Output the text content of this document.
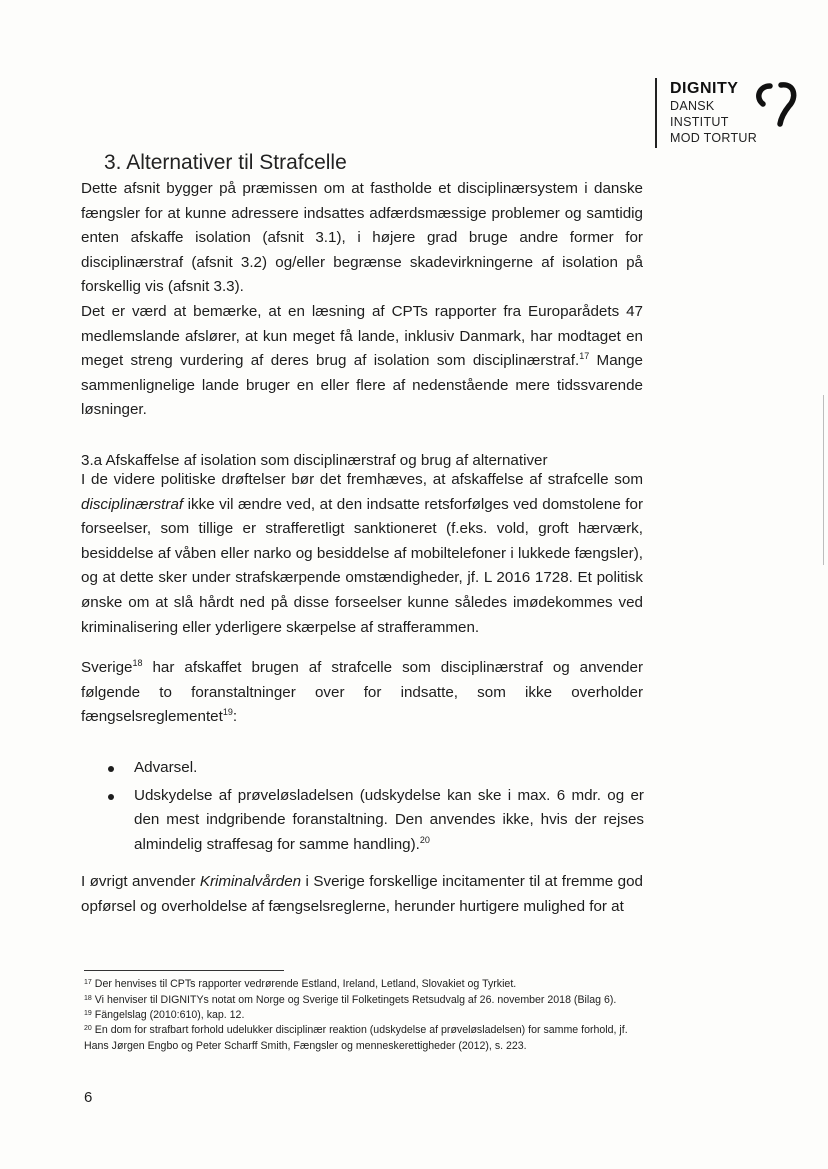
DIGNITY
DANSK
INSTITUT
MOD TORTUR
3. Alternativer til Strafcelle
Dette afsnit bygger på præmissen om at fastholde et disciplinærsystem i danske fængsler for at kunne adressere indsattes adfærdsmæssige problemer og samtidig enten afskaffe isolation (afsnit 3.1), i højere grad bruge andre former for disciplinærstraf (afsnit 3.2) og/eller begrænse skadevirkningerne af isolation på forskellig vis (afsnit 3.3).
Det er værd at bemærke, at en læsning af CPTs rapporter fra Europarådets 47 medlemslande afslører, at kun meget få lande, inklusiv Danmark, har modtaget en meget streng vurdering af deres brug af isolation som disciplinærstraf.$^{17}$ Mange sammenlignelige lande bruger en eller flere af nedenstående mere tidssvarende løsninger.
3.a Afskaffelse af isolation som disciplinærstraf og brug af alternativer
I de videre politiske drøftelser bør det fremhæves, at afskaffelse af strafcelle som disciplinærstraf ikke vil ændre ved, at den indsatte retsforfølges ved domstolene for forseelser, som tillige er strafferetligt sanktioneret (f.eks. vold, groft hærværk, besiddelse af våben eller narko og besiddelse af mobiltelefoner i lukkede fængsler), og at dette sker under strafskærpende omstændigheder, jf. L 2016 1728. Et politisk ønske om at slå hårdt ned på disse forseelser kunne således imødekommes ved kriminalisering eller yderligere skærpelse af strafferammen.
Sverige$^{18}$ har afskaffet brugen af strafcelle som disciplinærstraf og anvender følgende to foranstaltninger over for indsatte, som ikke overholder fængselsreglementet$^{19}$:
Advarsel.
Udskydelse af prøveløsladelsen (udskydelse kan ske i max. 6 mdr. og er den mest indgribende foranstaltning. Den anvendes ikke, hvis der rejses almindelig straffesag for samme handling).$^{20}$
I øvrigt anvender Kriminalvården i Sverige forskellige incitamenter til at fremme god opførsel og overholdelse af fængselsreglerne, herunder hurtigere mulighed for at
$^{17}$ Der henvises til CPTs rapporter vedrørende Estland, Ireland, Letland, Slovakiet og Tyrkiet.
$^{18}$ Vi henviser til DIGNITYs notat om Norge og Sverige til Folketingets Retsudvalg af 26. november 2018 (Bilag 6).
$^{19}$ Fängelslag (2010:610), kap. 12.
$^{20}$ En dom for strafbart forhold udelukker disciplinær reaktion (udskydelse af prøveløsladelsen) for samme forhold, jf. Hans Jørgen Engbo og Peter Scharff Smith, Fængsler og menneskerettigheder (2012), s. 223.
6
